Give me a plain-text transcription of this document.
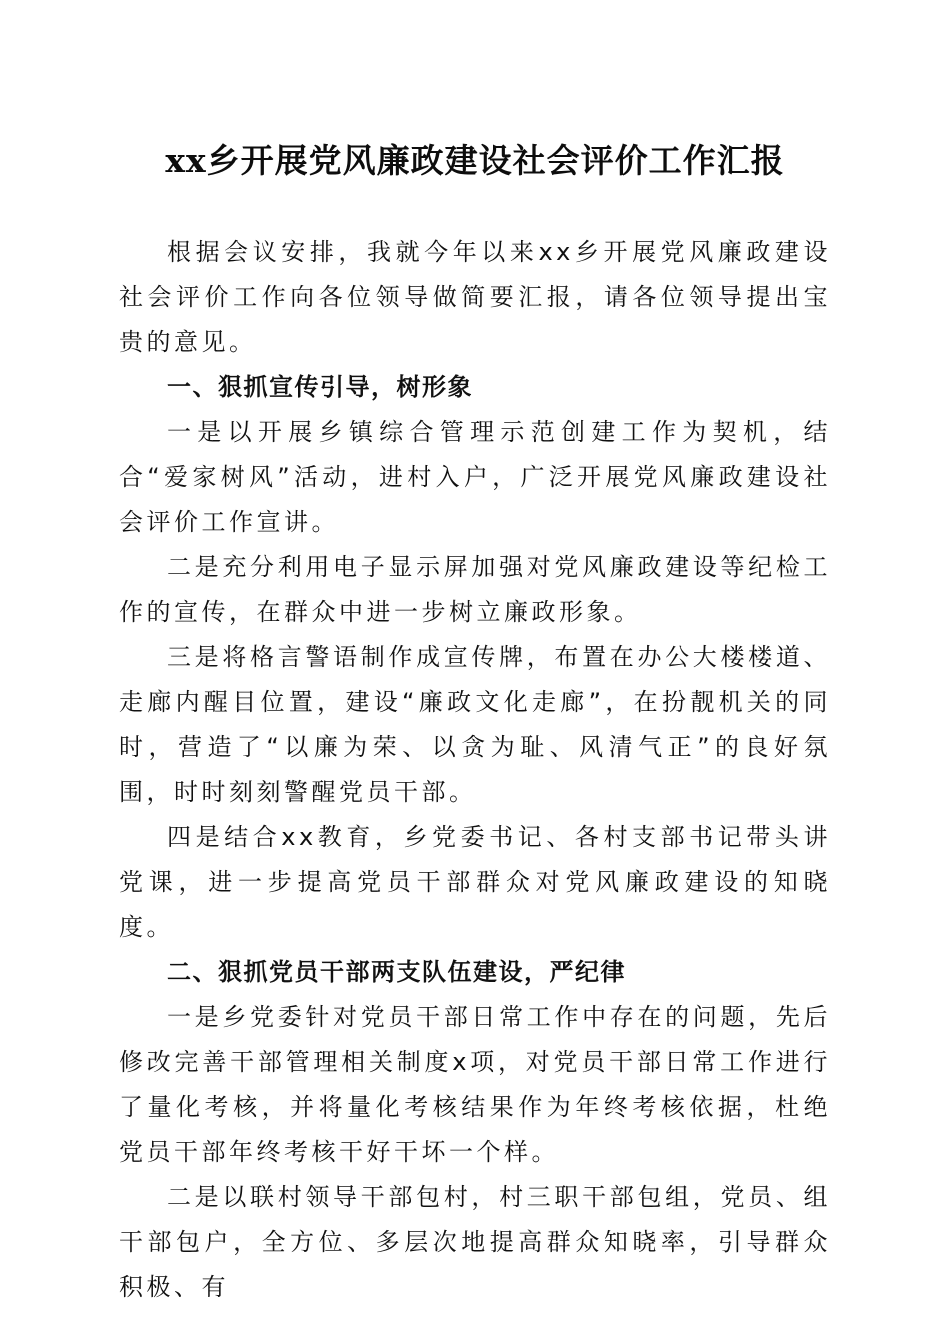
xx乡开展党风廉政建设社会评价工作汇报

根据会议安排，我就今年以来xx乡开展党风廉政建设社会评价工作向各位领导做简要汇报，请各位领导提出宝贵的意见。

一、狠抓宣传引导，树形象

一是以开展乡镇综合管理示范创建工作为契机，结合“爱家树风”活动，进村入户，广泛开展党风廉政建设社会评价工作宣讲。

二是充分利用电子显示屏加强对党风廉政建设等纪检工作的宣传，在群众中进一步树立廉政形象。

三是将格言警语制作成宣传牌，布置在办公大楼楼道、走廊内醒目位置，建设“廉政文化走廊”，在扮靓机关的同时，营造了“以廉为荣、以贪为耻、风清气正”的良好氛围，时时刻刻警醒党员干部。

四是结合xx教育，乡党委书记、各村支部书记带头讲党课，进一步提高党员干部群众对党风廉政建设的知晓度。

二、狠抓党员干部两支队伍建设，严纪律

一是乡党委针对党员干部日常工作中存在的问题，先后修改完善干部管理相关制度x项，对党员干部日常工作进行了量化考核，并将量化考核结果作为年终考核依据，杜绝党员干部年终考核干好干坏一个样。

二是以联村领导干部包村，村三职干部包组，党员、组干部包户，全方位、多层次地提高群众知晓率，引导群众积极、有
